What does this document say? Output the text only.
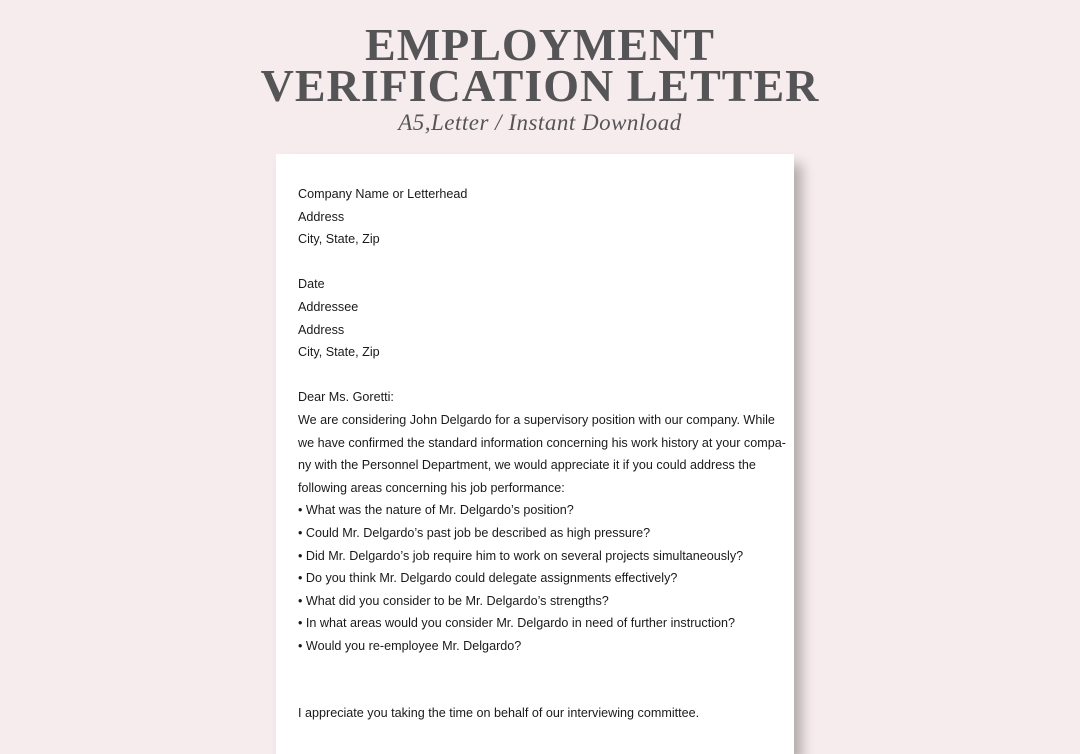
EMPLOYMENT
VERIFICATION LETTER
A5,Letter / Instant Download
Company Name or Letterhead
Address
City, State, Zip
Date
Addressee
Address
City, State, Zip
Dear Ms. Goretti:
We are considering John Delgardo for a supervisory position with our company. While
we have confirmed the standard information concerning his work history at your compa-
ny with the Personnel Department, we would appreciate it if you could address the
following areas concerning his job performance:
• What was the nature of Mr. Delgardo’s position?
• Could Mr. Delgardo’s past job be described as high pressure?
• Did Mr. Delgardo’s job require him to work on several projects simultaneously?
• Do you think Mr. Delgardo could delegate assignments effectively?
• What did you consider to be Mr. Delgardo’s strengths?
• In what areas would you consider Mr. Delgardo in need of further instruction?
• Would you re-employee Mr. Delgardo?
I appreciate you taking the time on behalf of our interviewing committee.
